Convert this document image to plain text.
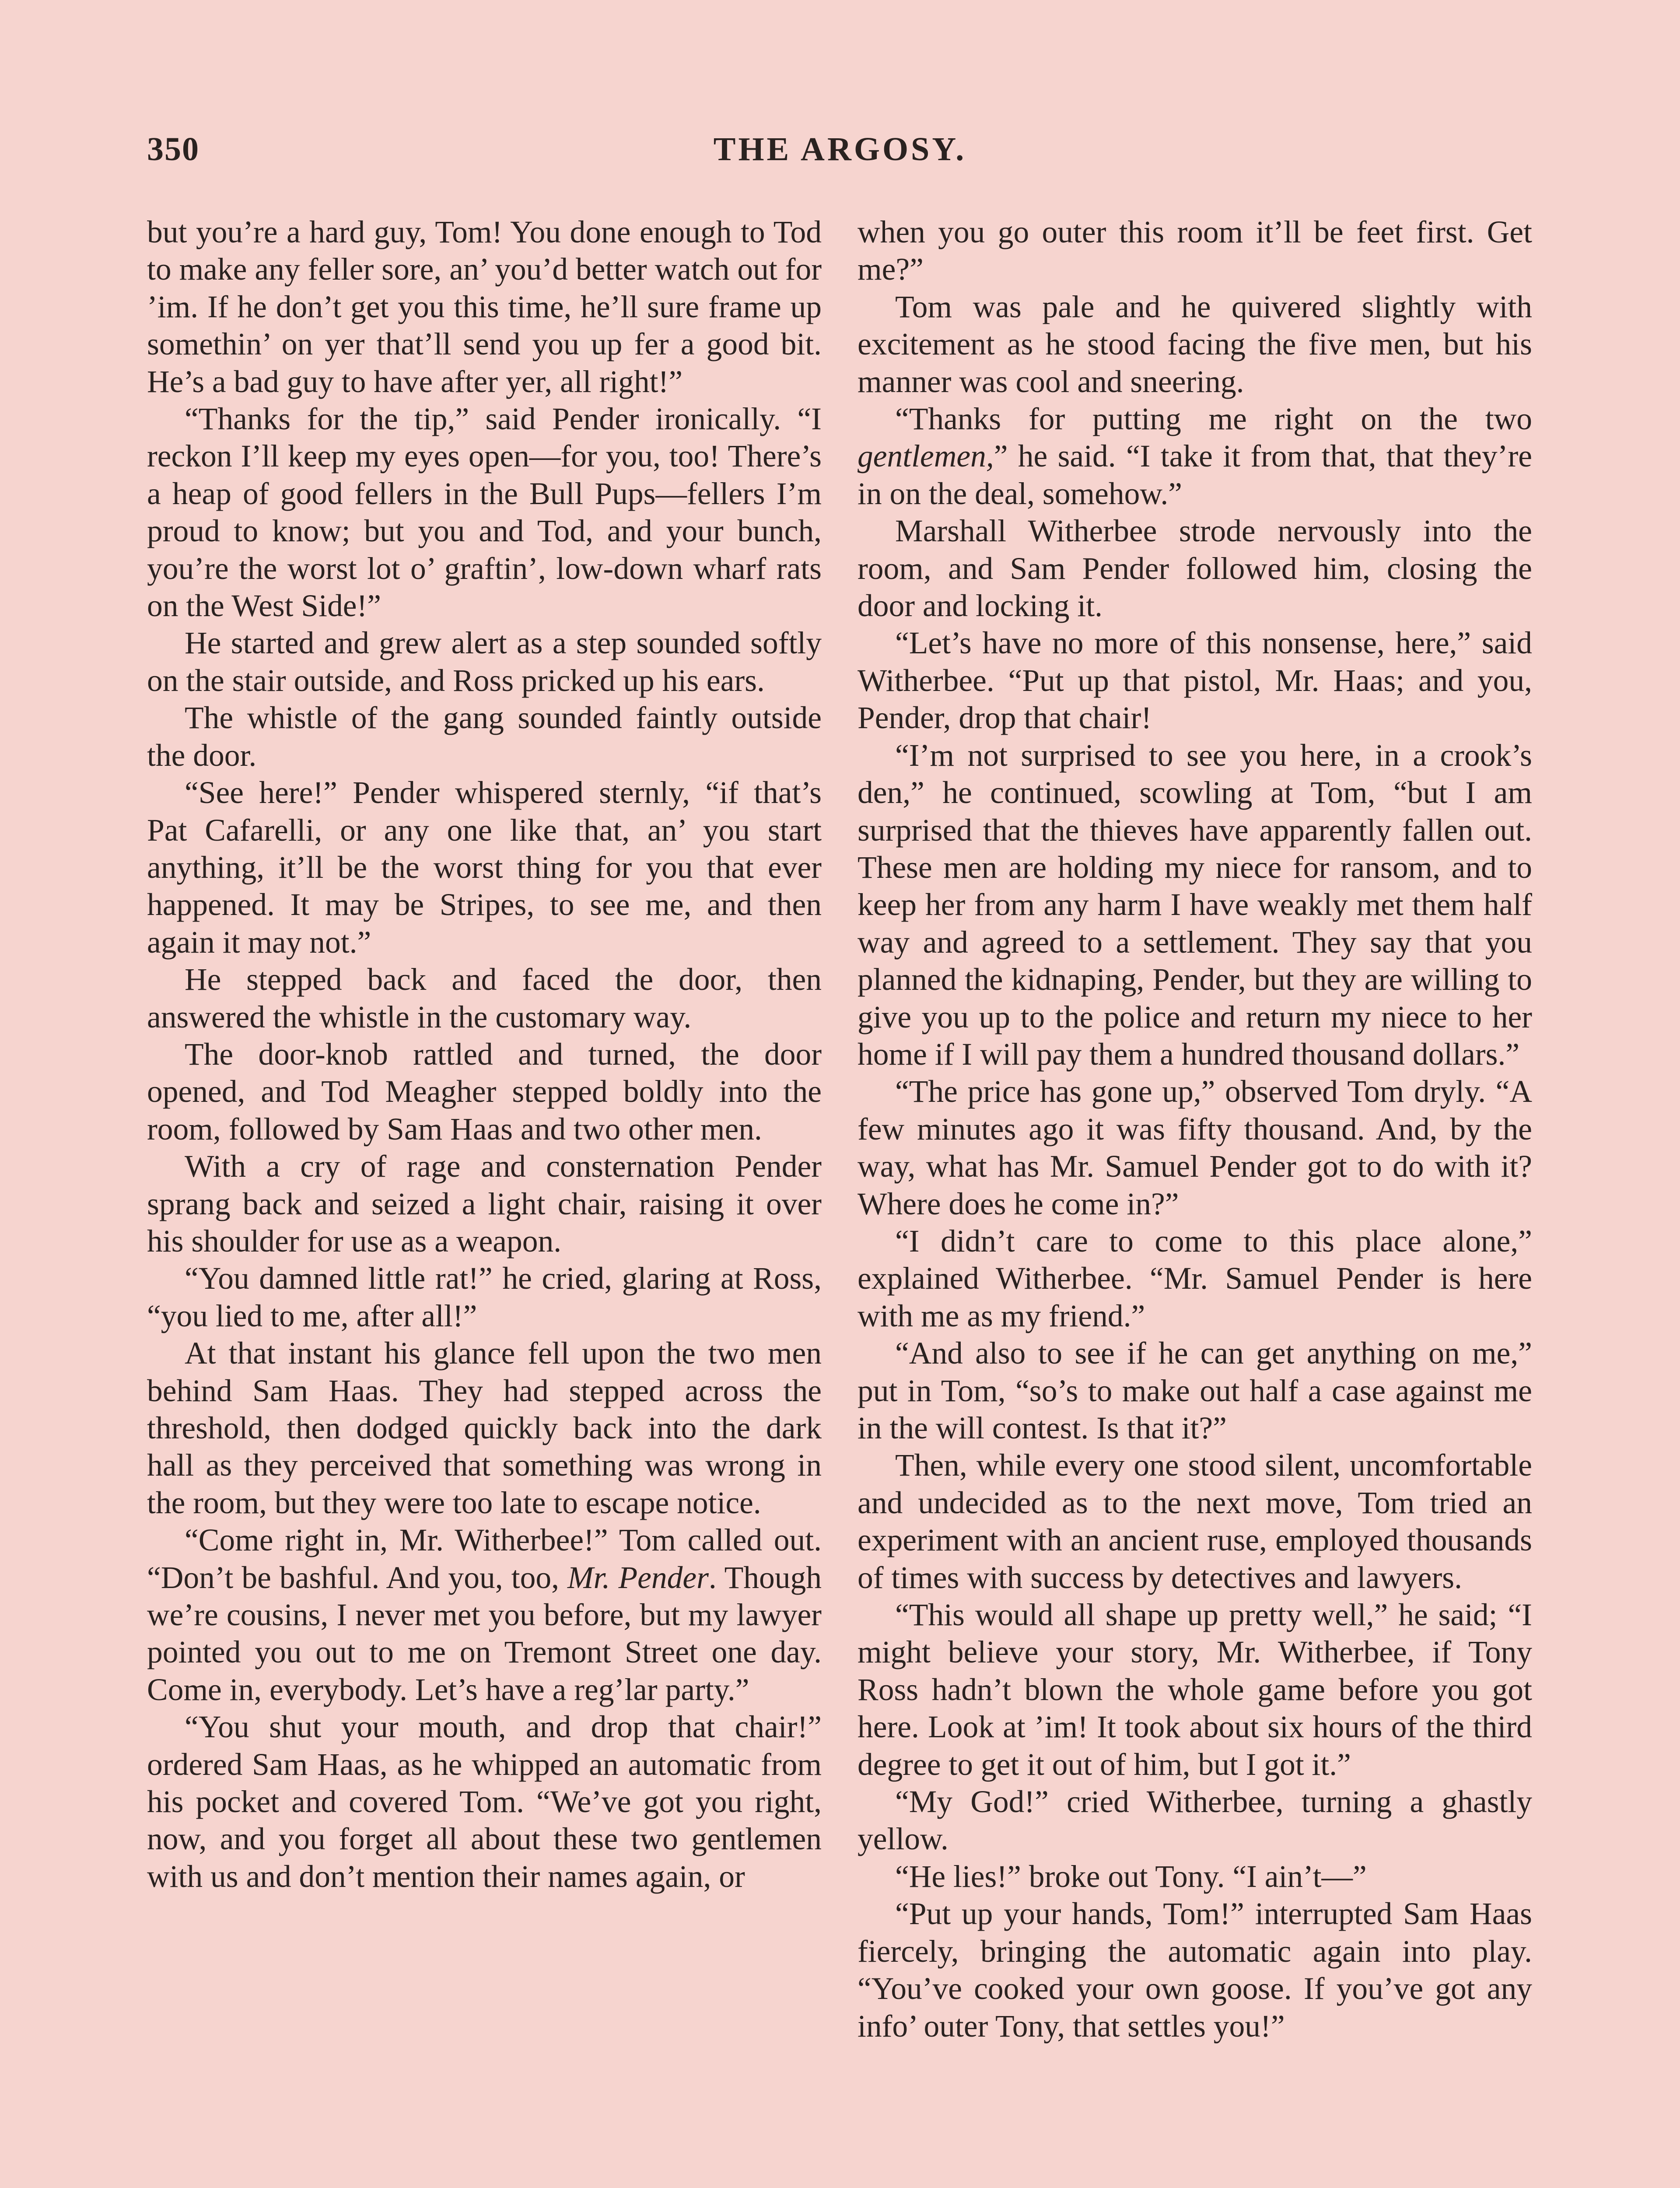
350	THE ARGOSY.

but you’re a hard guy, Tom! You done enough to Tod to make any feller sore, an’ you’d better watch out for ’im. If he don’t get you this time, he’ll sure frame up somethin’ on yer that’ll send you up fer a good bit. He’s a bad guy to have after yer, all right!”

“Thanks for the tip,” said Pender ironically. “I reckon I’ll keep my eyes open—for you, too! There’s a heap of good fellers in the Bull Pups—fellers I’m proud to know; but you and Tod, and your bunch, you’re the worst lot o’ graftin’, low-down wharf rats on the West Side!”

He started and grew alert as a step sounded softly on the stair outside, and Ross pricked up his ears.

The whistle of the gang sounded faintly outside the door.

“See here!” Pender whispered sternly, “if that’s Pat Cafarelli, or any one like that, an’ you start anything, it’ll be the worst thing for you that ever happened. It may be Stripes, to see me, and then again it may not.”

He stepped back and faced the door, then answered the whistle in the customary way.

The door-knob rattled and turned, the door opened, and Tod Meagher stepped boldly into the room, followed by Sam Haas and two other men.

With a cry of rage and consternation Pender sprang back and seized a light chair, raising it over his shoulder for use as a weapon.

“You damned little rat!” he cried, glaring at Ross, “you lied to me, after all!”

At that instant his glance fell upon the two men behind Sam Haas. They had stepped across the threshold, then dodged quickly back into the dark hall as they perceived that something was wrong in the room, but they were too late to escape notice.

“Come right in, Mr. Witherbee!” Tom called out. “Don’t be bashful. And you, too, Mr. Pender. Though we’re cousins, I never met you before, but my lawyer pointed you out to me on Tremont Street one day. Come in, everybody. Let’s have a reg’lar party.”

“You shut your mouth, and drop that chair!” ordered Sam Haas, as he whipped an automatic from his pocket and covered Tom. “We’ve got you right, now, and you forget all about these two gentlemen with us and don’t mention their names again, or

when you go outer this room it’ll be feet first. Get me?”

Tom was pale and he quivered slightly with excitement as he stood facing the five men, but his manner was cool and sneering.

“Thanks for putting me right on the two gentlemen,” he said. “I take it from that, that they’re in on the deal, somehow.”

Marshall Witherbee strode nervously into the room, and Sam Pender followed him, closing the door and locking it.

“Let’s have no more of this nonsense, here,” said Witherbee. “Put up that pistol, Mr. Haas; and you, Pender, drop that chair!

“I’m not surprised to see you here, in a crook’s den,” he continued, scowling at Tom, “but I am surprised that the thieves have apparently fallen out. These men are holding my niece for ransom, and to keep her from any harm I have weakly met them half way and agreed to a settlement. They say that you planned the kidnaping, Pender, but they are willing to give you up to the police and return my niece to her home if I will pay them a hundred thousand dollars.”

“The price has gone up,” observed Tom dryly. “A few minutes ago it was fifty thousand. And, by the way, what has Mr. Samuel Pender got to do with it? Where does he come in?”

“I didn’t care to come to this place alone,” explained Witherbee. “Mr. Samuel Pender is here with me as my friend.”

“And also to see if he can get anything on me,” put in Tom, “so’s to make out half a case against me in the will contest. Is that it?”

Then, while every one stood silent, uncomfortable and undecided as to the next move, Tom tried an experiment with an ancient ruse, employed thousands of times with success by detectives and lawyers.

“This would all shape up pretty well,” he said; “I might believe your story, Mr. Witherbee, if Tony Ross hadn’t blown the whole game before you got here. Look at ’im! It took about six hours of the third degree to get it out of him, but I got it.”

“My God!” cried Witherbee, turning a ghastly yellow.

“He lies!” broke out Tony. “I ain’t—”

“Put up your hands, Tom!” interrupted Sam Haas fiercely, bringing the automatic again into play. “You’ve cooked your own goose. If you’ve got any info’ outer Tony, that settles you!”
